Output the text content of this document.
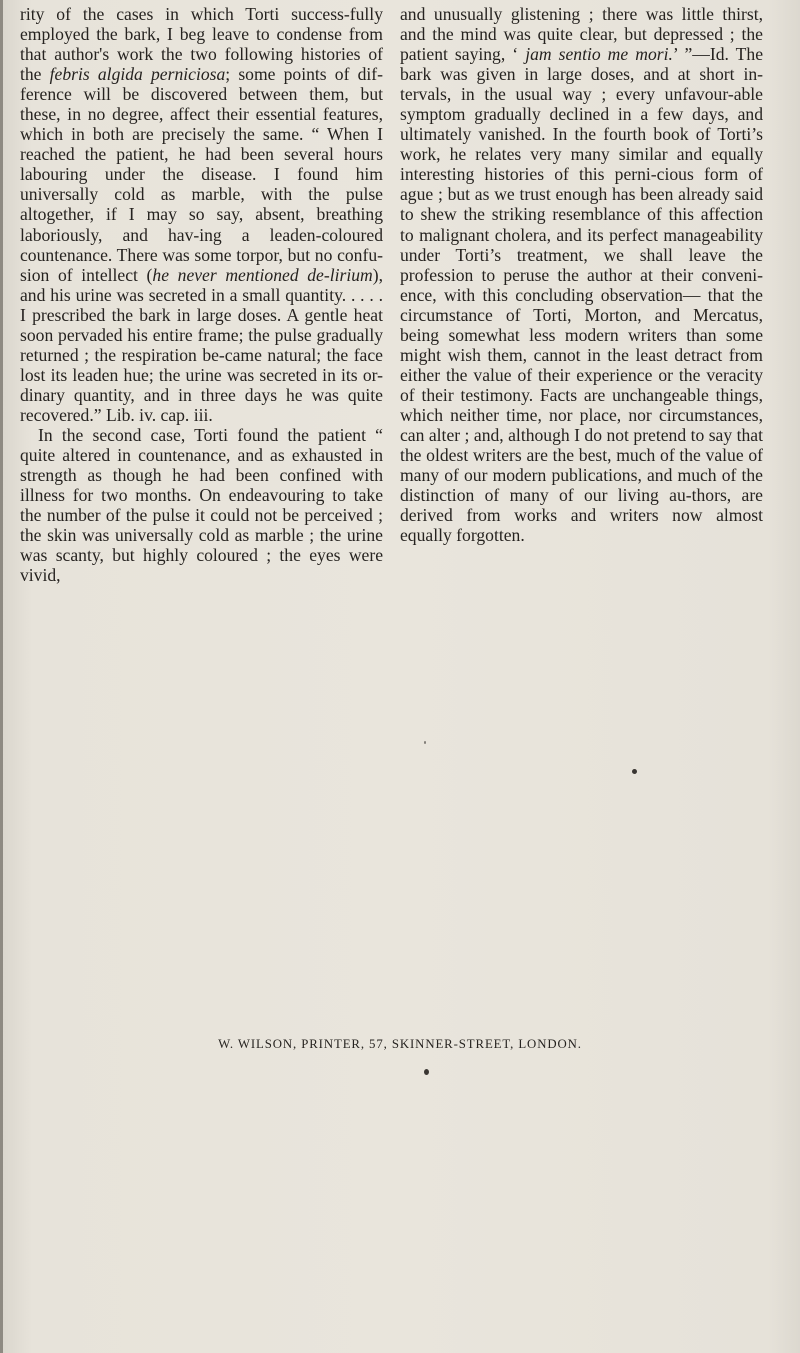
rity of the cases in which Torti success-fully employed the bark, I beg leave to condense from that author's work the two following histories of the febris algida perniciosa; some points of dif-ference will be discovered between them, but these, in no degree, affect their essential features, which in both are precisely the same. “ When I reached the patient, he had been several hours labouring under the disease. I found him universally cold as marble, with the pulse altogether, if I may so say, absent, breathing laboriously, and hav-ing a leaden-coloured countenance. There was some torpor, but no confu-sion of intellect (he never mentioned de-lirium), and his urine was secreted in a small quantity. . . . . I prescribed the bark in large doses. A gentle heat soon pervaded his entire frame; the pulse gradually returned ; the respiration be-came natural; the face lost its leaden hue; the urine was secreted in its or-dinary quantity, and in three days he was quite recovered.” Lib. iv. cap. iii.

In the second case, Torti found the patient “ quite altered in countenance, and as exhausted in strength as though he had been confined with illness for two months. On endeavouring to take the number of the pulse it could not be perceived ; the skin was universally cold as marble ; the urine was scanty, but highly coloured ; the eyes were vivid,

and unusually glistening ; there was little thirst, and the mind was quite clear, but depressed ; the patient saying, ‘ jam sentio me mori.’ ”—Id. The bark was given in large doses, and at short in-tervals, in the usual way ; every unfavour-able symptom gradually declined in a few days, and ultimately vanished. In the fourth book of Torti’s work, he relates very many similar and equally interesting histories of this perni-cious form of ague ; but as we trust enough has been already said to shew the striking resemblance of this affection to malignant cholera, and its perfect manageability under Torti’s treatment, we shall leave the profession to peruse the author at their conveni-ence, with this concluding observation— that the circumstance of Torti, Morton, and Mercatus, being somewhat less modern writers than some might wish them, cannot in the least detract from either the value of their experience or the veracity of their testimony. Facts are unchangeable things, which neither time, nor place, nor circumstances, can alter ; and, although I do not pretend to say that the oldest writers are the best, much of the value of many of our modern publications, and much of the distinction of many of our living au-thors, are derived from works and writers now almost equally forgotten.

W. WILSON, PRINTER, 57, SKINNER-STREET, LONDON.
